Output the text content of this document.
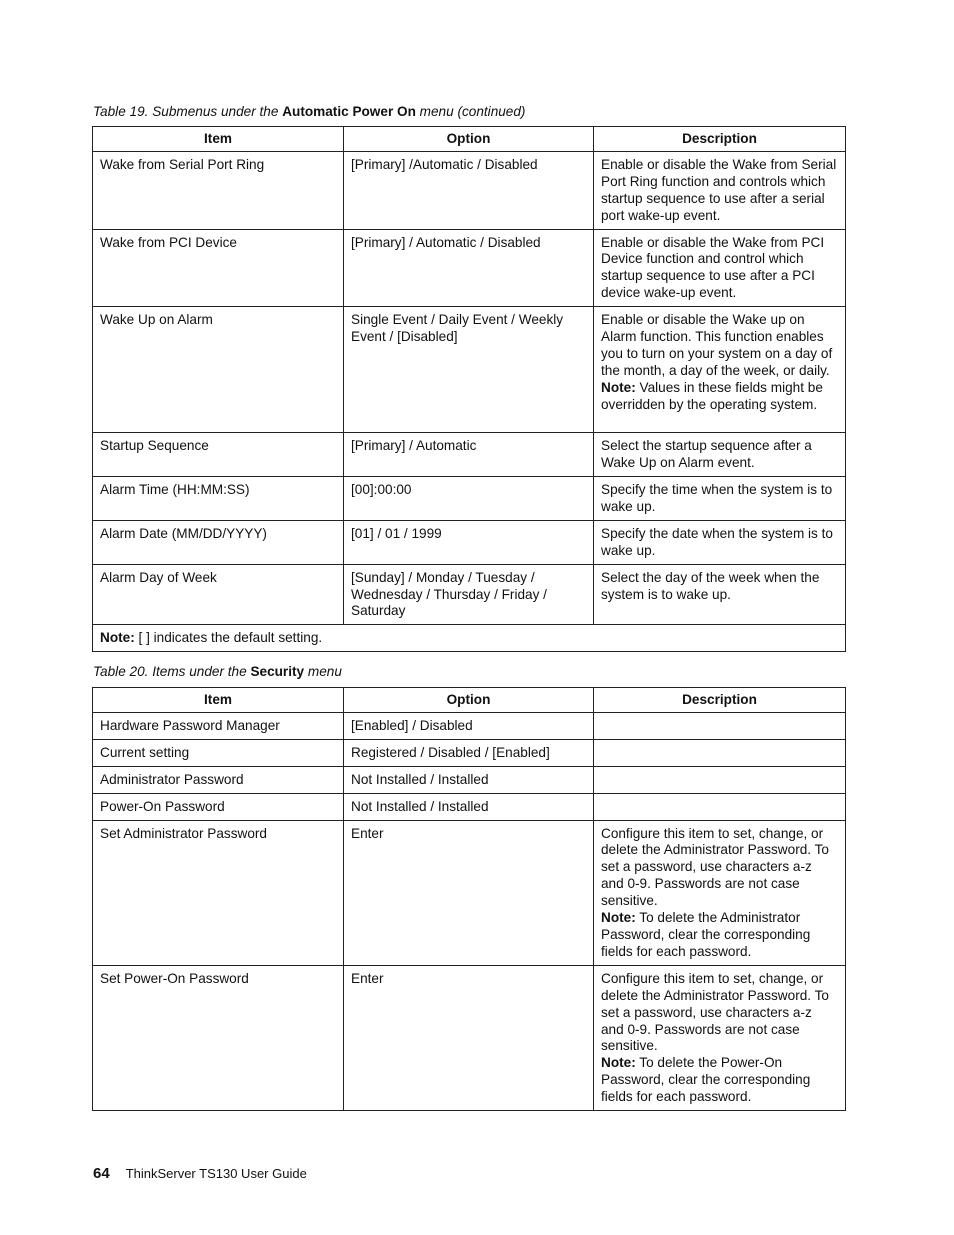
Table 19. Submenus under the Automatic Power On menu (continued)
Item	Option	Description
Wake from Serial Port Ring	[Primary] /Automatic / Disabled	Enable or disable the Wake from Serial Port Ring function and controls which startup sequence to use after a serial port wake-up event.
Wake from PCI Device	[Primary] / Automatic / Disabled	Enable or disable the Wake from PCI Device function and control which startup sequence to use after a PCI device wake-up event.
Wake Up on Alarm	Single Event / Daily Event / Weekly Event / [Disabled]	Enable or disable the Wake up on Alarm function. This function enables you to turn on your system on a day of the month, a day of the week, or daily.
Note: Values in these fields might be overridden by the operating system.
Startup Sequence	[Primary] / Automatic	Select the startup sequence after a Wake Up on Alarm event.
Alarm Time (HH:MM:SS)	[00]:00:00	Specify the time when the system is to wake up.
Alarm Date (MM/DD/YYYY)	[01] / 01 / 1999	Specify the date when the system is to wake up.
Alarm Day of Week	[Sunday] / Monday / Tuesday / Wednesday / Thursday / Friday / Saturday	Select the day of the week when the system is to wake up.
Note: [ ] indicates the default setting.		
Table 20. Items under the Security menu
Item	Option	Description
Hardware Password Manager	[Enabled] / Disabled	
Current setting	Registered / Disabled / [Enabled]	
Administrator Password	Not Installed / Installed	
Power-On Password	Not Installed / Installed	
Set Administrator Password	Enter	Configure this item to set, change, or delete the Administrator Password. To set a password, use characters a-z and 0-9. Passwords are not case sensitive.
Note: To delete the Administrator Password, clear the corresponding fields for each password.
Set Power-On Password	Enter	Configure this item to set, change, or delete the Administrator Password. To set a password, use characters a-z and 0-9. Passwords are not case sensitive.
Note: To delete the Power-On Password, clear the corresponding fields for each password.
64 ThinkServer TS130 User Guide
